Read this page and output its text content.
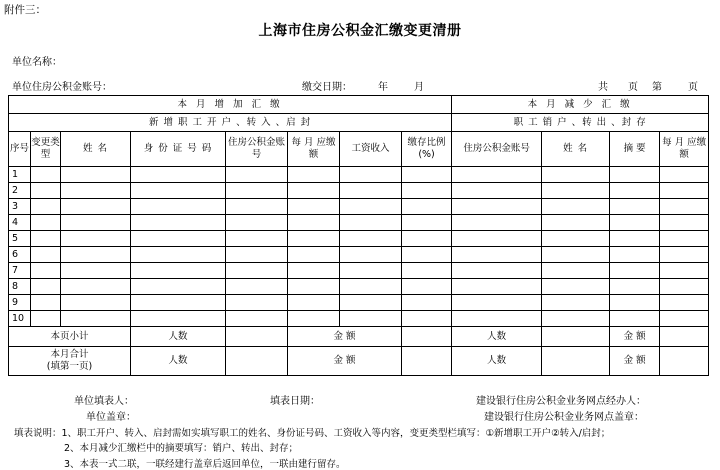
附件三：
上海市住房公积金汇缴变更清册
单位名称：
单位住房公积金账号：	缴交日期：	年	月	共 页 第	页
本 月 增 加 汇 缴								本 月 减 少 汇 缴			
新 增 职 工 开 户 、转 入 、启 封								职 工 销 户 、转 出 、封 存			
序号	变更类型	姓 名	身 份 证 号 码	住房公积金账号	每 月 应缴额	工资收入	缴存比例(%)	住房公积金账号	姓 名	摘 要	每 月 应缴额
1											
2											
3											
4											
5											
6											
7											
8											
9											
10											
本页小计			人数		金 额			人数		金 额	

本月合计
(填第一页)			人数		金 额			人数		金 额	
单位填表人：	填表日期：	建设银行住房公积金业务网点经办人：
单位盖章：	建设银行住房公积金业务网点盖章：
填表说明：1、职工开户、转入、启封需如实填写职工的姓名、身份证号码、工资收入等内容，变更类型栏填写：①新增职工开户②转入/启封；
2、本月减少汇缴栏中的摘要填写：销户、转出、封存；
3、本表一式二联，一联经建行盖章后返回单位，一联由建行留存。
